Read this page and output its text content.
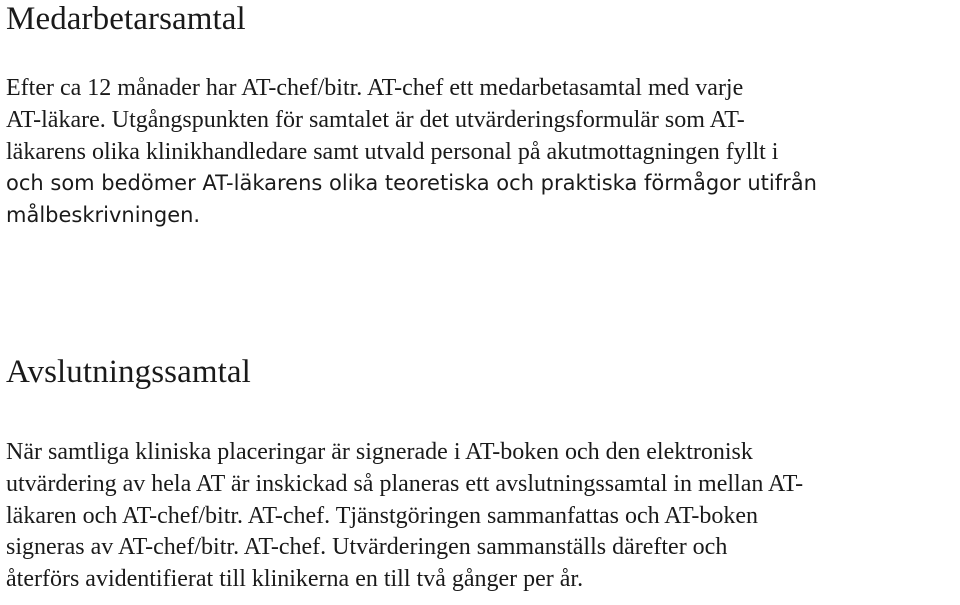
Medarbetarsamtal
Efter ca 12 månader har AT-chef/bitr. AT-chef ett medarbetasamtal med varje
AT-läkare. Utgångspunkten för samtalet är det utvärderingsformulär som AT-
läkarens olika klinikhandledare samt utvald personal på akutmottagningen fyllt i
och som bedömer AT-läkarens olika teoretiska och praktiska förmågor utifrån
målbeskrivningen.
Avslutningssamtal
När samtliga kliniska placeringar är signerade i AT-boken och den elektronisk
utvärdering av hela AT är inskickad så planeras ett avslutningssamtal in mellan AT-
läkaren och AT-chef/bitr. AT-chef. Tjänstgöringen sammanfattas och AT-boken
signeras av AT-chef/bitr. AT-chef. Utvärderingen sammanställs därefter och
återförs avidentifierat till klinikerna en till två gånger per år.
